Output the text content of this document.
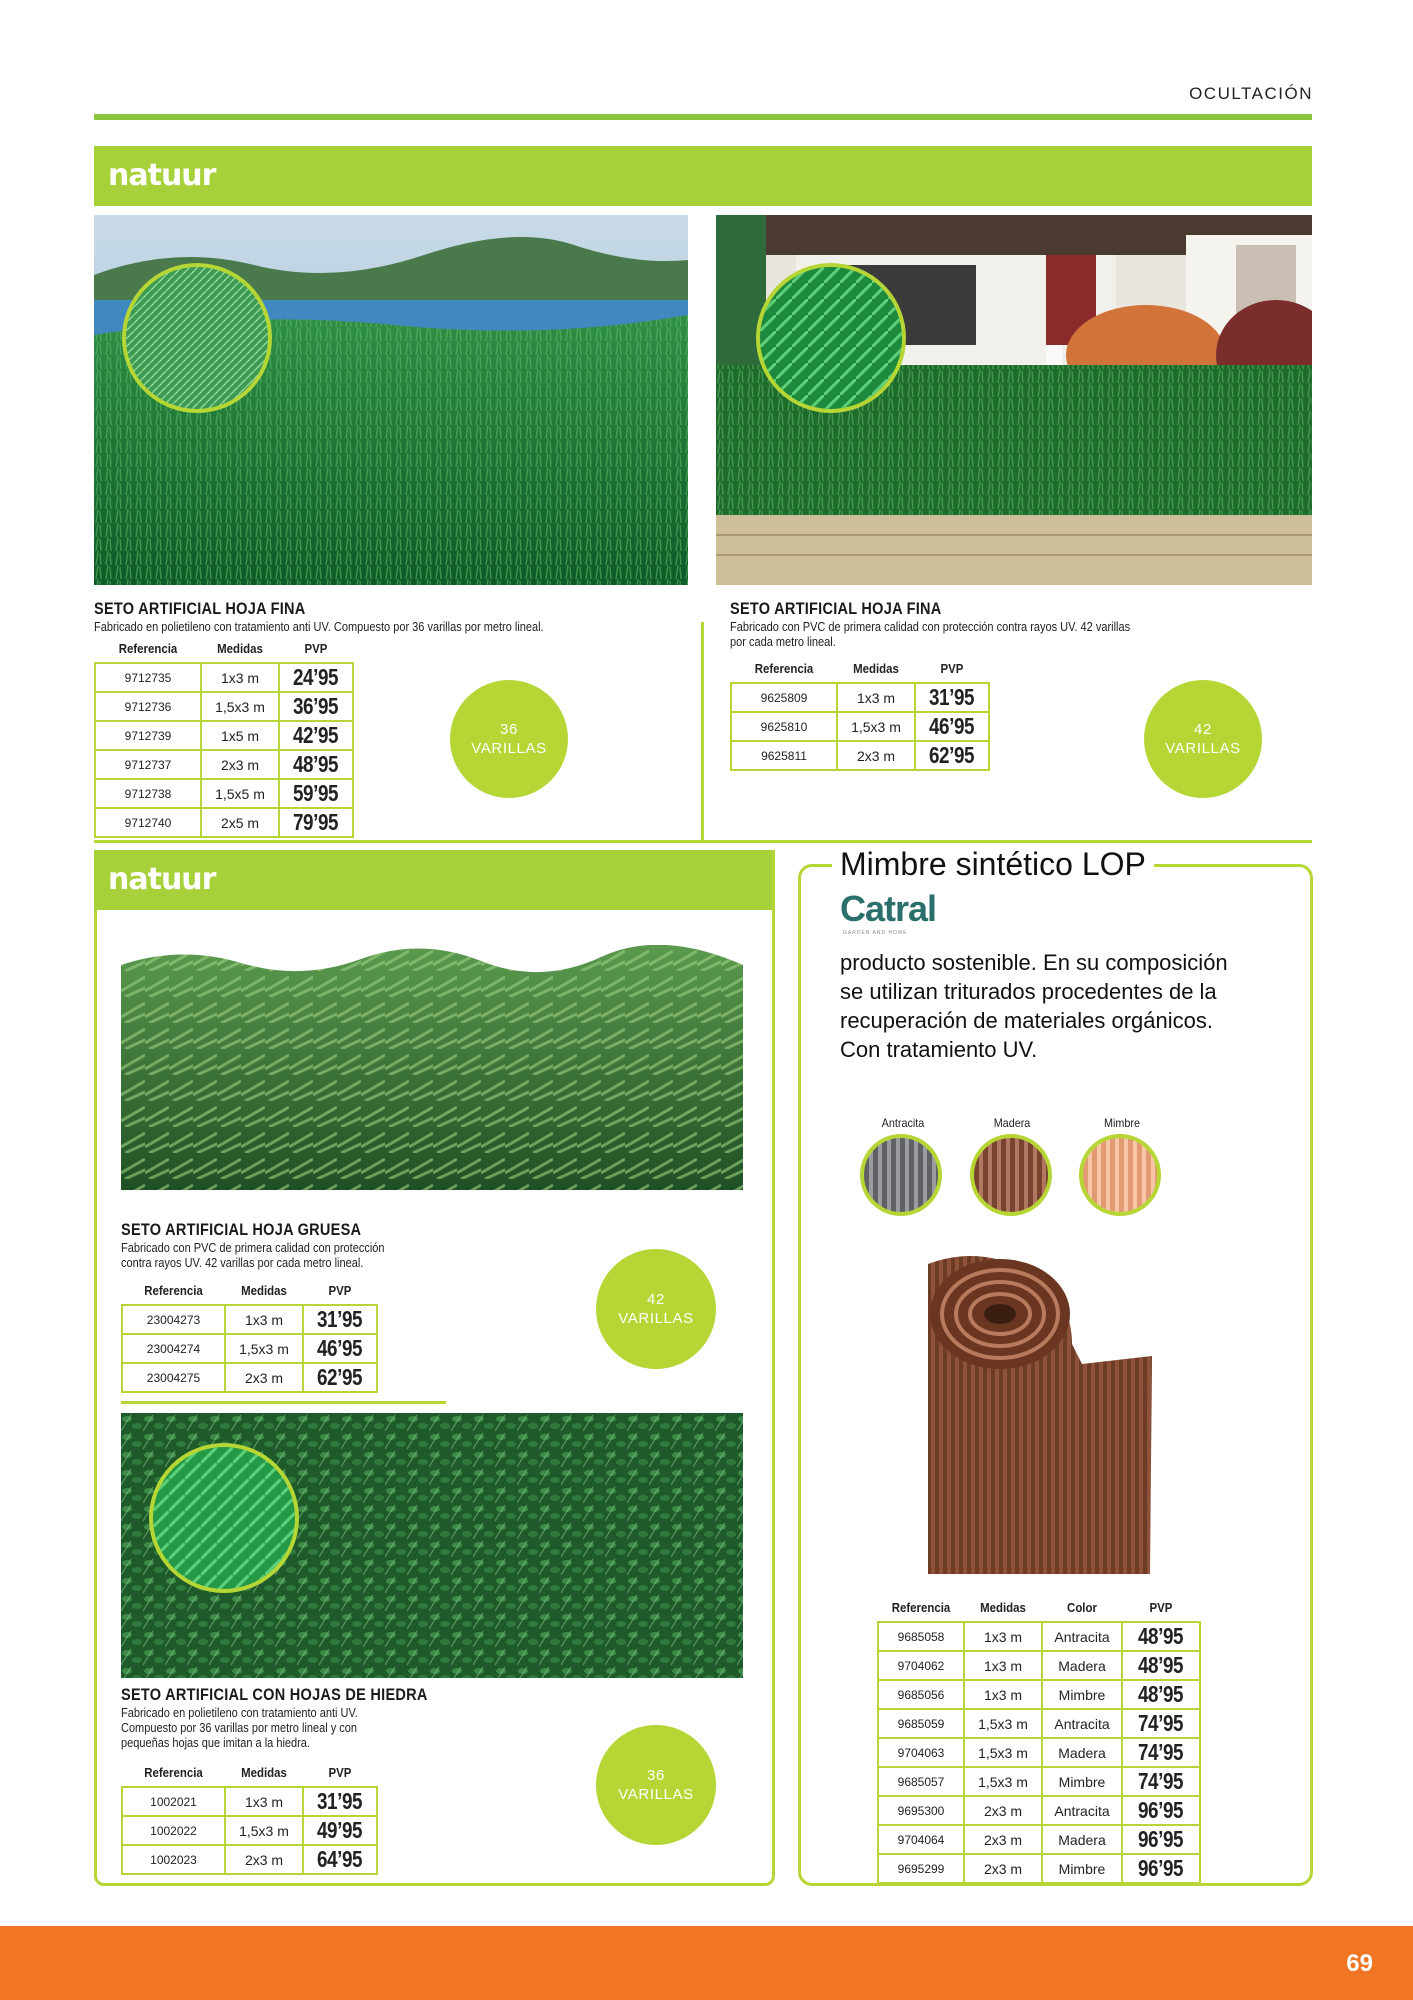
OCULTACIÓN
natuur
SETO ARTIFICIAL HOJA FINA
Fabricado en polietileno con tratamiento anti UV. Compuesto por 36 varillas por metro lineal.
Referencia	Medidas	PVP
9712735	1x3 m	24’95
9712736	1,5x3 m	36’95
9712739	1x5 m	42’95
9712737	2x3 m	48’95
9712738	1,5x5 m	59’95
9712740	2x5 m	79’95
36
VARILLAS
SETO ARTIFICIAL HOJA FINA
Fabricado con PVC de primera calidad con protección contra rayos UV. 42 varillas por cada metro lineal.
Referencia	Medidas	PVP
9625809	1x3 m	31’95
9625810	1,5x3 m	46’95
9625811	2x3 m	62’95
42
VARILLAS
natuur
SETO ARTIFICIAL HOJA GRUESA
Fabricado con PVC de primera calidad con protección contra rayos UV. 42 varillas por cada metro lineal.
Referencia	Medidas	PVP
23004273	1x3 m	31’95
23004274	1,5x3 m	46’95
23004275	2x3 m	62’95
42
VARILLAS
SETO ARTIFICIAL CON HOJAS DE HIEDRA
Fabricado en polietileno con tratamiento anti UV. Compuesto por 36 varillas por metro lineal y con pequeñas hojas que imitan a la hiedra.
Referencia	Medidas	PVP
1002021	1x3 m	31’95
1002022	1,5x3 m	49’95
1002023	2x3 m	64’95
36
VARILLAS
Mimbre sintético LOP
Catral
GARDEN AND HOME
producto sostenible. En su composición se utilizan triturados procedentes de la recuperación de materiales orgánicos. Con tratamiento UV.
Antracita	Madera	Mimbre
Referencia	Medidas	Color	PVP
9685058	1x3 m	Antracita	48’95
9704062	1x3 m	Madera	48’95
9685056	1x3 m	Mimbre	48’95
9685059	1,5x3 m	Antracita	74’95
9704063	1,5x3 m	Madera	74’95
9685057	1,5x3 m	Mimbre	74’95
9695300	2x3 m	Antracita	96’95
9704064	2x3 m	Madera	96’95
9695299	2x3 m	Mimbre	96’95
69
